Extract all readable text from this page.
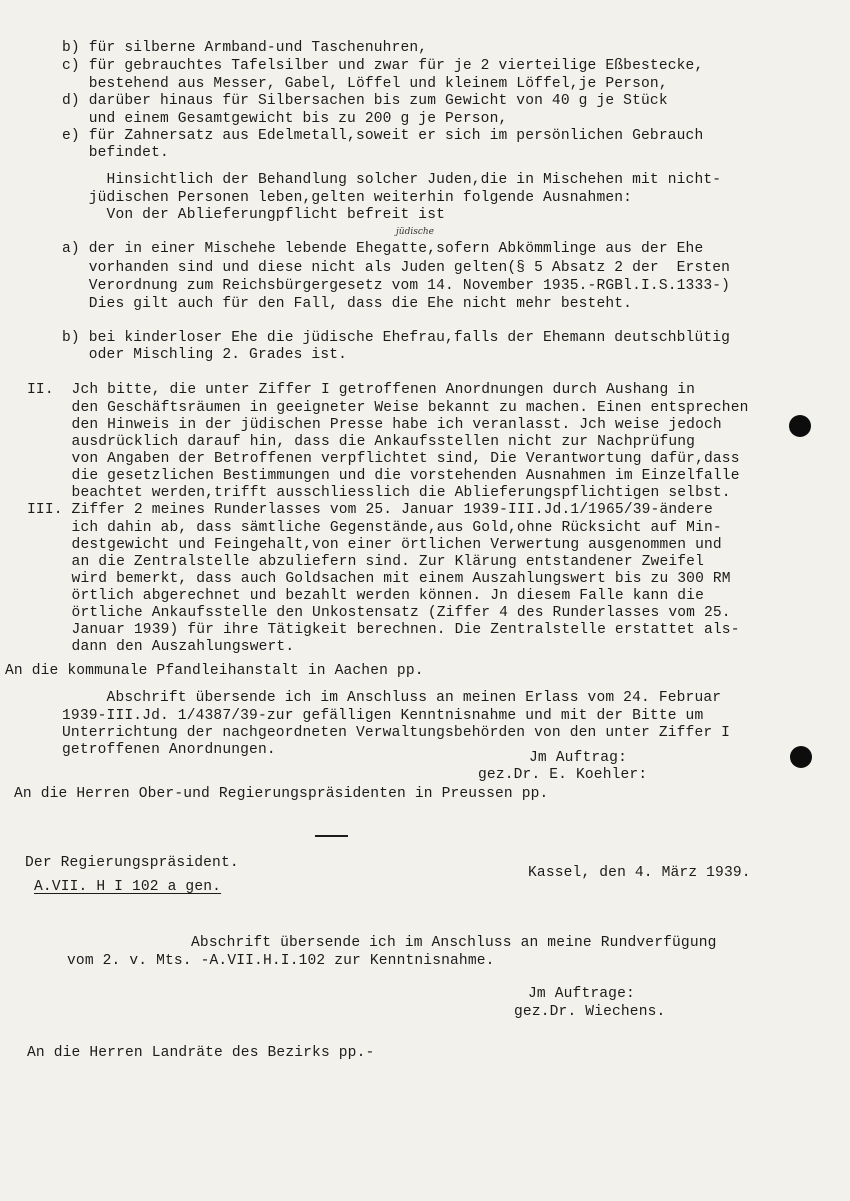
jüdische
b) für silberne Armband-und Taschenuhren,
c) für gebrauchtes Tafelsilber und zwar für je 2 vierteilige Eßbestecke,
bestehend aus Messer, Gabel, Löffel und kleinem Löffel,je Person,
d) darüber hinaus für Silbersachen bis zum Gewicht von 40 g je Stück
und einem Gesamtgewicht bis zu 200 g je Person,
e) für Zahnersatz aus Edelmetall,soweit er sich im persönlichen Gebrauch
befindet.
Hinsichtlich der Behandlung solcher Juden,die in Mischehen mit nicht-
jüdischen Personen leben,gelten weiterhin folgende Ausnahmen:
Von der Ablieferungpflicht befreit ist
a) der in einer Mischehe lebende Ehegatte,sofern Abkömmlinge aus der Ehe
vorhanden sind und diese nicht als Juden gelten(§ 5 Absatz 2 der  Ersten
Verordnung zum Reichsbürgergesetz vom 14. November 1935.-RGBl.I.S.1333-)
Dies gilt auch für den Fall, dass die Ehe nicht mehr besteht.
b) bei kinderloser Ehe die jüdische Ehefrau,falls der Ehemann deutschblütig
oder Mischling 2. Grades ist.
II.  Jch bitte, die unter Ziffer I getroffenen Anordnungen durch Aushang in
den Geschäftsräumen in geeigneter Weise bekannt zu machen. Einen entsprechen
den Hinweis in der jüdischen Presse habe ich veranlasst. Jch weise jedoch
ausdrücklich darauf hin, dass die Ankaufsstellen nicht zur Nachprüfung
von Angaben der Betroffenen verpflichtet sind, Die Verantwortung dafür,dass
die gesetzlichen Bestimmungen und die vorstehenden Ausnahmen im Einzelfalle
beachtet werden,trifft ausschliesslich die Ablieferungspflichtigen selbst.
III. Ziffer 2 meines Runderlasses vom 25. Januar 1939-III.Jd.1/1965/39-ändere
ich dahin ab, dass sämtliche Gegenstände,aus Gold,ohne Rücksicht auf Min-
destgewicht und Feingehalt,von einer örtlichen Verwertung ausgenommen und
an die Zentralstelle abzuliefern sind. Zur Klärung entstandener Zweifel
wird bemerkt, dass auch Goldsachen mit einem Auszahlungswert bis zu 300 RM
örtlich abgerechnet und bezahlt werden können. Jn diesem Falle kann die
örtliche Ankaufsstelle den Unkostensatz (Ziffer 4 des Runderlasses vom 25.
Januar 1939) für ihre Tätigkeit berechnen. Die Zentralstelle erstattet als-
dann den Auszahlungswert.
An die kommunale Pfandleihanstalt in Aachen pp.
Abschrift übersende ich im Anschluss an meinen Erlass vom 24. Februar
1939-III.Jd. 1/4387/39-zur gefälligen Kenntnisnahme und mit der Bitte um
Unterrichtung der nachgeordneten Verwaltungsbehörden von den unter Ziffer I
getroffenen Anordnungen.	Jm Auftrag:
gez.Dr. E. Koehler:
An die Herren Ober-und Regierungspräsidenten in Preussen pp.
Der Regierungspräsident.
A.VII. H I 102 a gen.
Kassel, den 4. März 1939.
Abschrift übersende ich im Anschluss an meine Rundverfügung
vom 2. v. Mts. -A.VII.H.I.102 zur Kenntnisnahme.
Jm Auftrage:
gez.Dr. Wiechens.
An die Herren Landräte des Bezirks pp.-
